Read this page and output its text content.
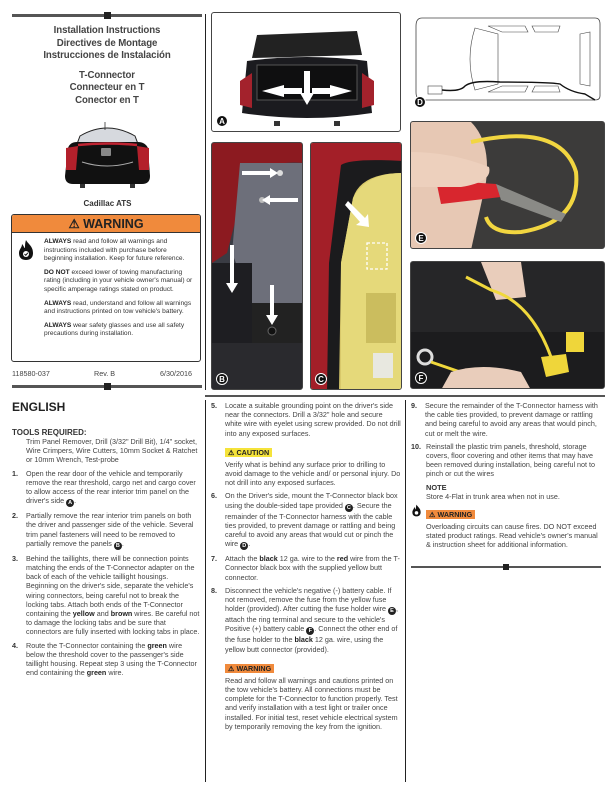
Installation Instructions
Directives de Montage
Instrucciones de Instalación
T-Connector
Connecteur en T
Conector en T
Cadillac ATS
⚠ WARNING

ALWAYS read and follow all warnings and instructions included with purchase before beginning installation. Keep for future reference.

DO NOT exceed lower of towing manufacturing rating (including in your vehicle owner's manual) or specific amperage ratings stated on product.

ALWAYS read, understand and follow all warnings and instructions printed on tow vehicle's battery.

ALWAYS wear safety glasses and use all safety precautions during installation.

118580-037	Rev. B	6/30/2016
A
D
B	C
E
F
ENGLISH
TOOLS REQUIRED:
Trim Panel Remover, Drill (3/32" Drill Bit), 1/4" socket, Wire Crimpers, Wire Cutters, 10mm Socket & Ratchet or 10mm Wrench, Test-probe
1. Open the rear door of the vehicle and temporarily remove the rear threshold, cargo net and cargo cover to allow access of the rear interior trim panel on the driver's side A .
2. Partially remove the rear interior trim panels on both the driver and passenger side of the vehicle. Several trim panel fasteners will need to be removed to partially remove the panels B .
3. Behind the taillights, there will be connection points matching the ends of the T-Connector adapter on the back of each of the vehicle taillight housings. Beginning on the driver's side, separate the vehicle's wiring connectors, being careful not to break the locking tabs. Attach both ends of the T-Connector containing the yellow and brown wires. Be careful not to damage the locking tabs and be sure that connectors are fully inserted with locking tabs in place.
4. Route the T-Connector containing the green wire below the threshold cover to the passenger's side taillight housing. Repeat step 3 using the T-Connector end containing the green wire.
5. Locate a suitable grounding point on the driver's side near the connectors. Drill a 3/32" hole and secure white wire with eyelet using screw provided. Do not drill into any exposed surfaces.
⚠ CAUTION
Verify what is behind any surface prior to drilling to avoid damage to the vehicle and/ or personal injury. Do not drill into any exposed surfaces.
6. On the Driver's side, mount the T-Connector black box using the double-sided tape provided C . Secure the remainder of the T-Connector harness with the cable ties provided, to prevent damage or rattling and being careful to avoid any areas that would cut or pinch the wire D .
7. Attach the black 12 ga. wire to the red wire from the T-Connector black box with the supplied yellow butt connector.
8. Disconnect the vehicle's negative (-) battery cable. If not removed, remove the fuse from the yellow fuse holder (provided). After cutting the fuse holder wire E , attach the ring terminal and secure to the vehicle's Positive (+) battery cable F . Connect the other end of the fuse holder to the black 12 ga. wire, using the yellow butt connector (provided).
⚠ WARNING
Read and follow all warnings and cautions printed on the tow vehicle's battery. All connections must be complete for the T-Connector to function properly. Test and verify installation with a test light or trailer once installed. For initial test, reset vehicle electrical system by temporarily removing the key from the ignition.
9. Secure the remainder of the T-Connector harness with the cable ties provided, to prevent damage or rattling and being careful to avoid any areas that would pinch, cut or melt the wire.
10. Reinstall the plastic trim panels, threshold, storage covers, floor covering and other items that may have been removed during installation, being careful not to pinch or cut the wires
NOTE
Store 4-Flat in trunk area when not in use.
⚠ WARNING
Overloading circuits can cause fires. DO NOT exceed stated product ratings. Read vehicle's owner's manual & instruction sheet for additional information.
